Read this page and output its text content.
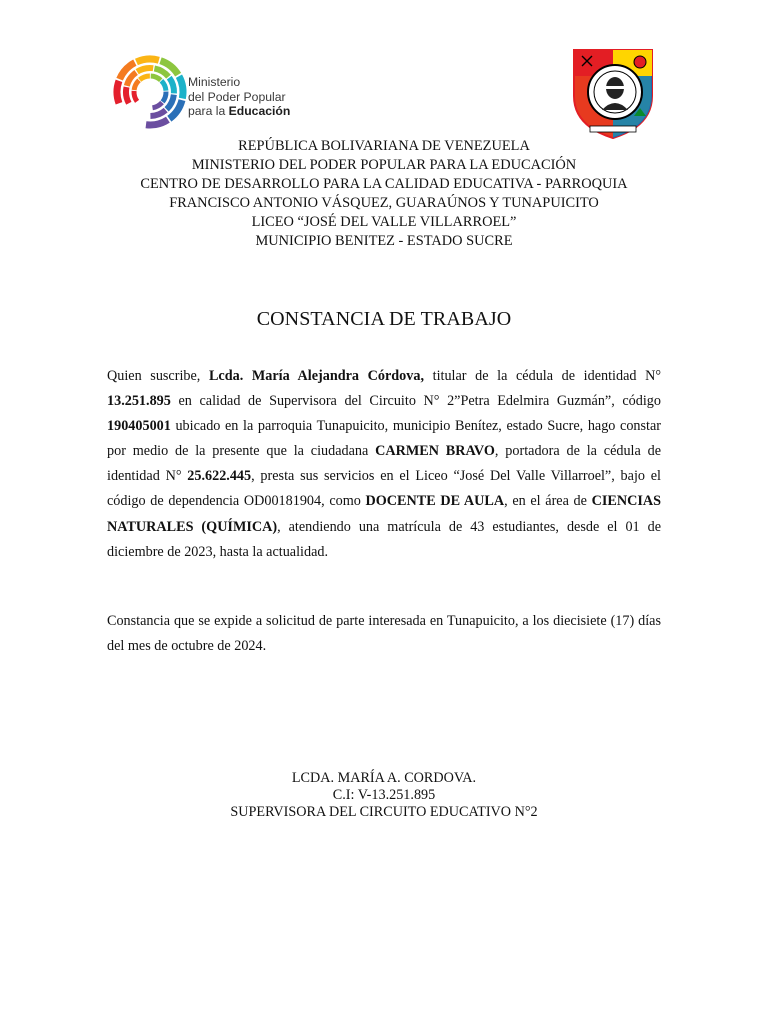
Ministerio
del Poder Popular
para la Educación
REPÚBLICA BOLIVARIANA DE VENEZUELA
MINISTERIO DEL PODER POPULAR PARA LA EDUCACIÓN
CENTRO DE DESARROLLO PARA LA CALIDAD EDUCATIVA - PARROQUIA
FRANCISCO ANTONIO VÁSQUEZ, GUARAÚNOS Y TUNAPUICITO
LICEO “JOSÉ DEL VALLE VILLARROEL”
MUNICIPIO BENITEZ - ESTADO SUCRE
CONSTANCIA DE TRABAJO
Quien suscribe, Lcda. María Alejandra Córdova, titular de la cédula de identidad N° 13.251.895 en calidad de Supervisora del Circuito N° 2”Petra Edelmira Guzmán”, código 190405001 ubicado en la parroquia Tunapuicito, municipio Benítez, estado Sucre, hago constar por medio de la presente que la ciudadana CARMEN BRAVO, portadora de la cédula de identidad N° 25.622.445, presta sus servicios en el Liceo “José Del Valle Villarroel”, bajo el código de dependencia OD00181904, como DOCENTE DE AULA, en el área de CIENCIAS NATURALES (QUÍMICA), atendiendo una matrícula de 43 estudiantes, desde el 01 de diciembre de 2023, hasta la actualidad.
Constancia que se expide a solicitud de parte interesada en Tunapuicito, a los diecisiete (17) días del mes de octubre de 2024.
LCDA. MARÍA A. CORDOVA.
C.I: V-13.251.895
SUPERVISORA DEL CIRCUITO EDUCATIVO N°2
